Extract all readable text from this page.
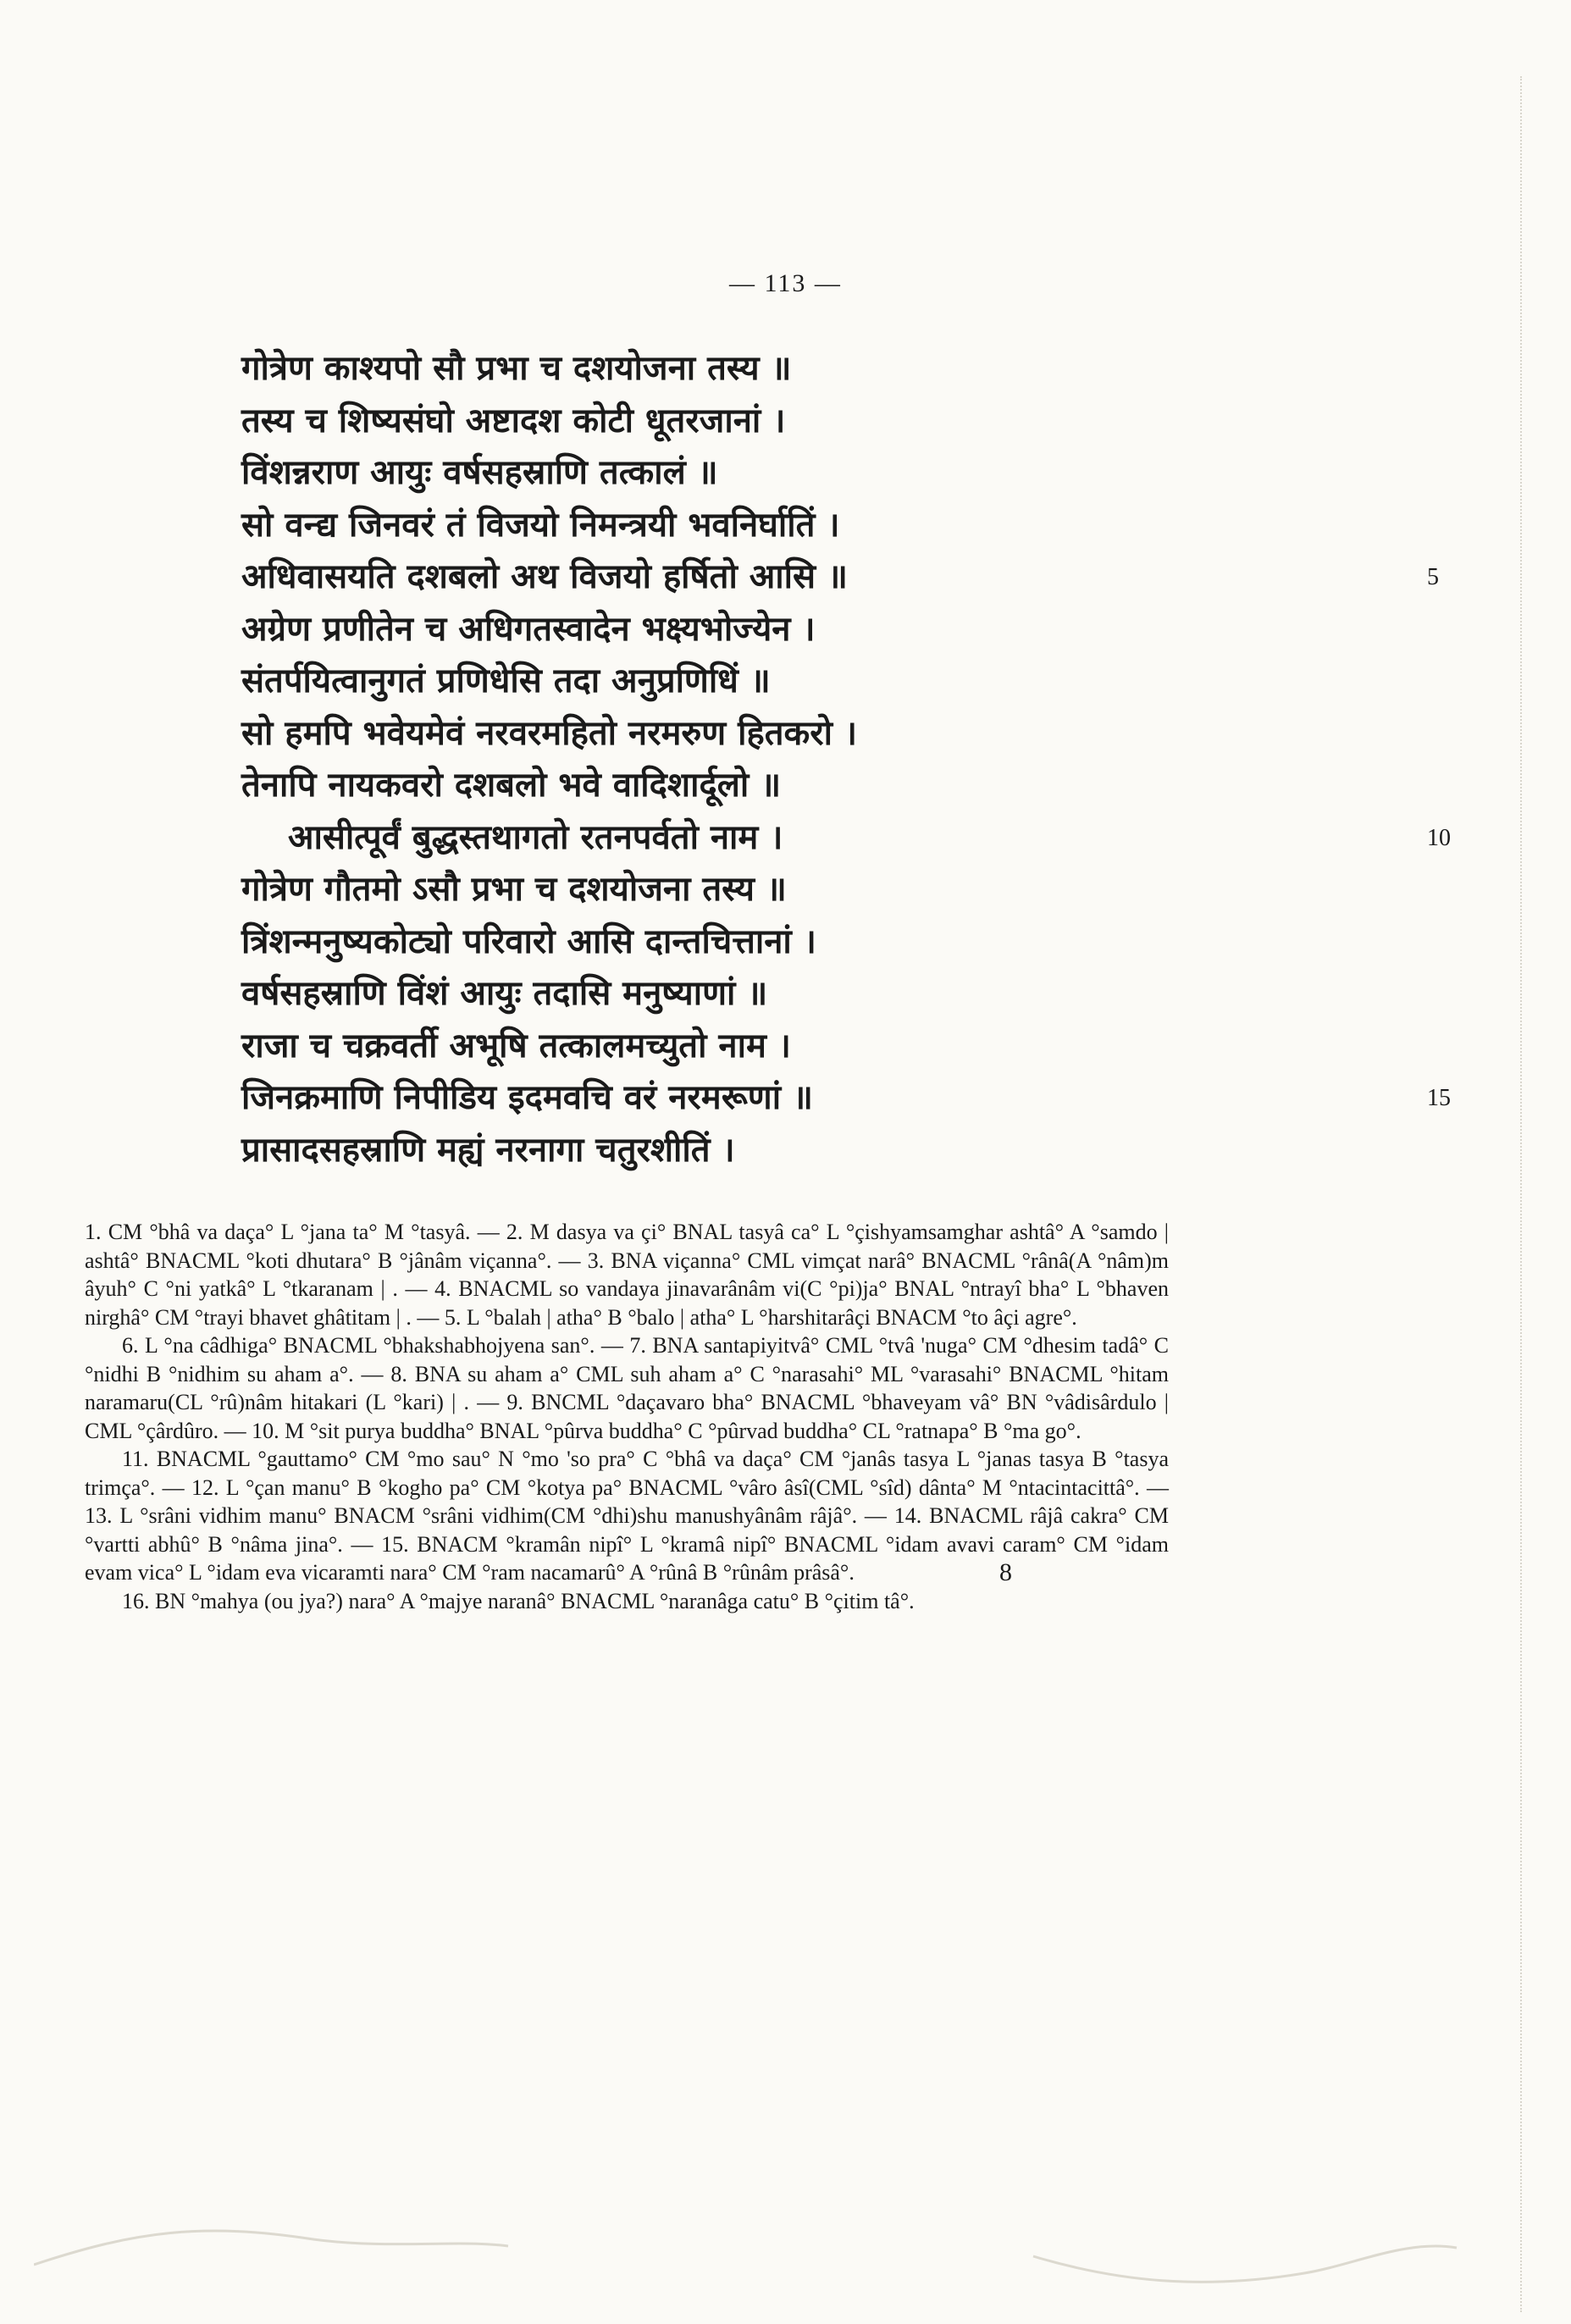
— 113 —
गोत्रेण काश्यपो सौ प्रभा च दशयोजना तस्य ॥
तस्य च शिष्यसंघो अष्टादश कोटी धूतरजानां ।
विंशन्नराण आयुः वर्षसहस्राणि तत्कालं ॥
सो वन्द्य जिनवरं तं विजयो निमन्त्रयी भवनिर्घातिं ।
अधिवासयति दशबलो अथ विजयो हर्षितो आसि ॥	5
अग्रेण प्रणीतेन च अधिगतस्वादेन भक्ष्यभोज्येन ।
संतर्पयित्वानुगतं प्रणिधेसि तदा अनुप्रणिधिं ॥
सो हमपि भवेयमेवं नरवरमहितो नरमरुण हितकरो ।
तेनापि नायकवरो दशबलो भवे वादिशार्दूलो ॥
आसीत्पूर्वं बुद्धस्तथागतो रतनपर्वतो नाम ।	10
गोत्रेण गौतमो ऽसौ प्रभा च दशयोजना तस्य ॥
त्रिंशन्मनुष्यकोट्यो परिवारो आसि दान्तचित्तानां ।
वर्षसहस्राणि विंशं आयुः तदासि मनुष्याणां ॥
राजा च चक्रवर्ती अभूषि तत्कालमच्युतो नाम ।
जिनक्रमाणि निपीडिय इदमवचि वरं नरमरूणां ॥	15
प्रासादसहस्राणि मह्यं नरनागा चतुरशीतिं ।

1. CM °bhâ va daça° L °jana ta° M °tasyâ. — 2. M dasya va çi° BNAL tasyâ ca° L °çishyamsamghar ashtâ° A °samdo | ashtâ° BNACML °koti dhutara° B °jânâm viçanna°. — 3. BNA viçanna° CML vimçat narâ° BNACML °rânâ(A °nâm)m âyuh° C °ni yatkâ° L °tkaranam | . — 4. BNACML so vandaya jinavarânâm vi(C °pi)ja° BNAL °ntrayî bha° L °bhaven nirghâ° CM °trayi bhavet ghâtitam | . — 5. L °balah | atha° B °balo | atha° L °harshitarâçi BNACM °to âçi agre°.

6. L °na câdhiga° BNACML °bhakshabhojyena san°. — 7. BNA santapiyitvâ° CML °tvâ 'nuga° CM °dhesim tadâ° C °nidhi B °nidhim su aham a°. — 8. BNA su aham a° CML suh aham a° C °narasahi° ML °varasahi° BNACML °hitam naramaru(CL °rû)nâm hitakari (L °kari) | . — 9. BNCML °daçavaro bha° BNACML °bhaveyam vâ° BN °vâdisârdulo | CML °çârdûro. — 10. M °sit purya buddha° BNAL °pûrva buddha° C °pûrvad buddha° CL °ratnapa° B °ma go°.

11. BNACML °gauttamo° CM °mo sau° N °mo 'so pra° C °bhâ va daça° CM °janâs tasya L °janas tasya B °tasya trimça°. — 12. L °çan manu° B °kogho pa° CM °kotya pa° BNACML °vâro âsî(CML °sîd) dânta° M °ntacintacittâ°. — 13. L °srâni vidhim manu° BNACM °srâni vidhim(CM °dhi)shu manushyânâm râjâ°. — 14. BNACML râjâ cakra° CM °vartti abhû° B °nâma jina°. — 15. BNACM °kramân nipî° L °kramâ nipî° BNACML °idam avavi caram° CM °idam evam vica° L °idam eva vicaramti nara° CM °ram nacamarû° A °rûnâ B °rûnâm prâsâ°.

16. BN °mahya (ou jya?) nara° A °majye naranâ° BNACML °naranâga catu° B °çitim tâ°.

8
